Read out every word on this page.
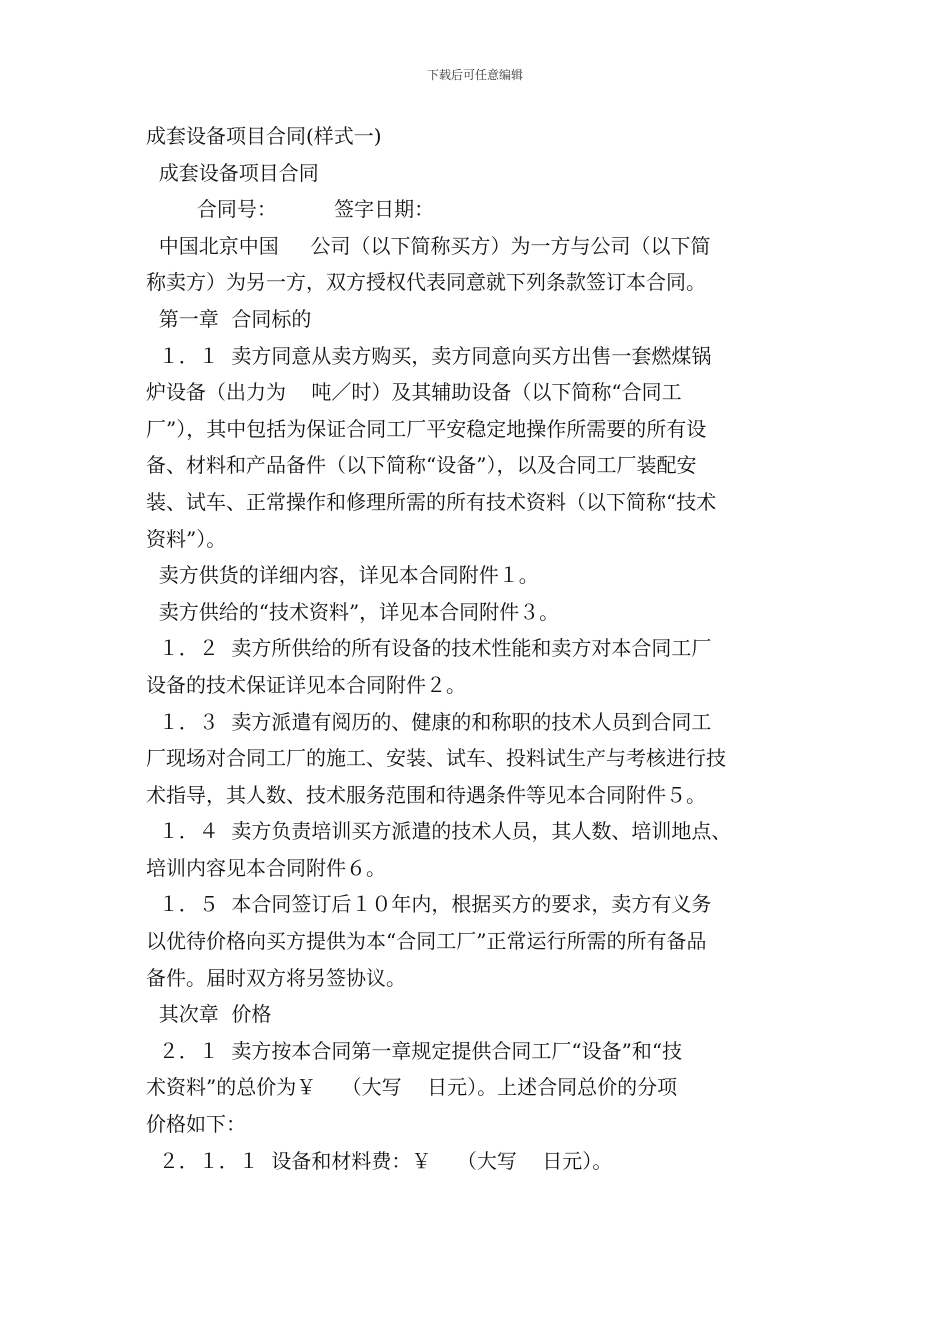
下载后可任意编辑
成套设备项目合同(样式一)
成套设备项目合同
合同号：         签字日期：
中国北京中国     公司（以下简称买方）为一方与公司（以下简
称卖方）为另一方，双方授权代表同意就下列条款签订本合同。
第一章  合同标的
１．１  卖方同意从卖方购买，卖方同意向买方出售一套燃煤锅
炉设备（出力为    吨／时）及其辅助设备（以下简称“合同工
厂”），其中包括为保证合同工厂平安稳定地操作所需要的所有设
备、材料和产品备件（以下简称“设备”），以及合同工厂装配安
装、试车、正常操作和修理所需的所有技术资料（以下简称“技术
资料”）。
卖方供货的详细内容，详见本合同附件１。
卖方供给的“技术资料”，详见本合同附件３。
１．２  卖方所供给的所有设备的技术性能和卖方对本合同工厂
设备的技术保证详见本合同附件２。
１．３  卖方派遣有阅历的、健康的和称职的技术人员到合同工
厂现场对合同工厂的施工、安装、试车、投料试生产与考核进行技
术指导，其人数、技术服务范围和待遇条件等见本合同附件５。
１．４  卖方负责培训买方派遣的技术人员，其人数、培训地点、
培训内容见本合同附件６。
１．５  本合同签订后１０年内，根据买方的要求，卖方有义务
以优待价格向买方提供为本“合同工厂”正常运行所需的所有备品
备件。届时双方将另签协议。
其次章  价格
２．１  卖方按本合同第一章规定提供合同工厂“设备”和“技
术资料”的总价为￥    （大写    日元）。上述合同总价的分项
价格如下：
２．１．１  设备和材料费：￥    （大写    日元）。
